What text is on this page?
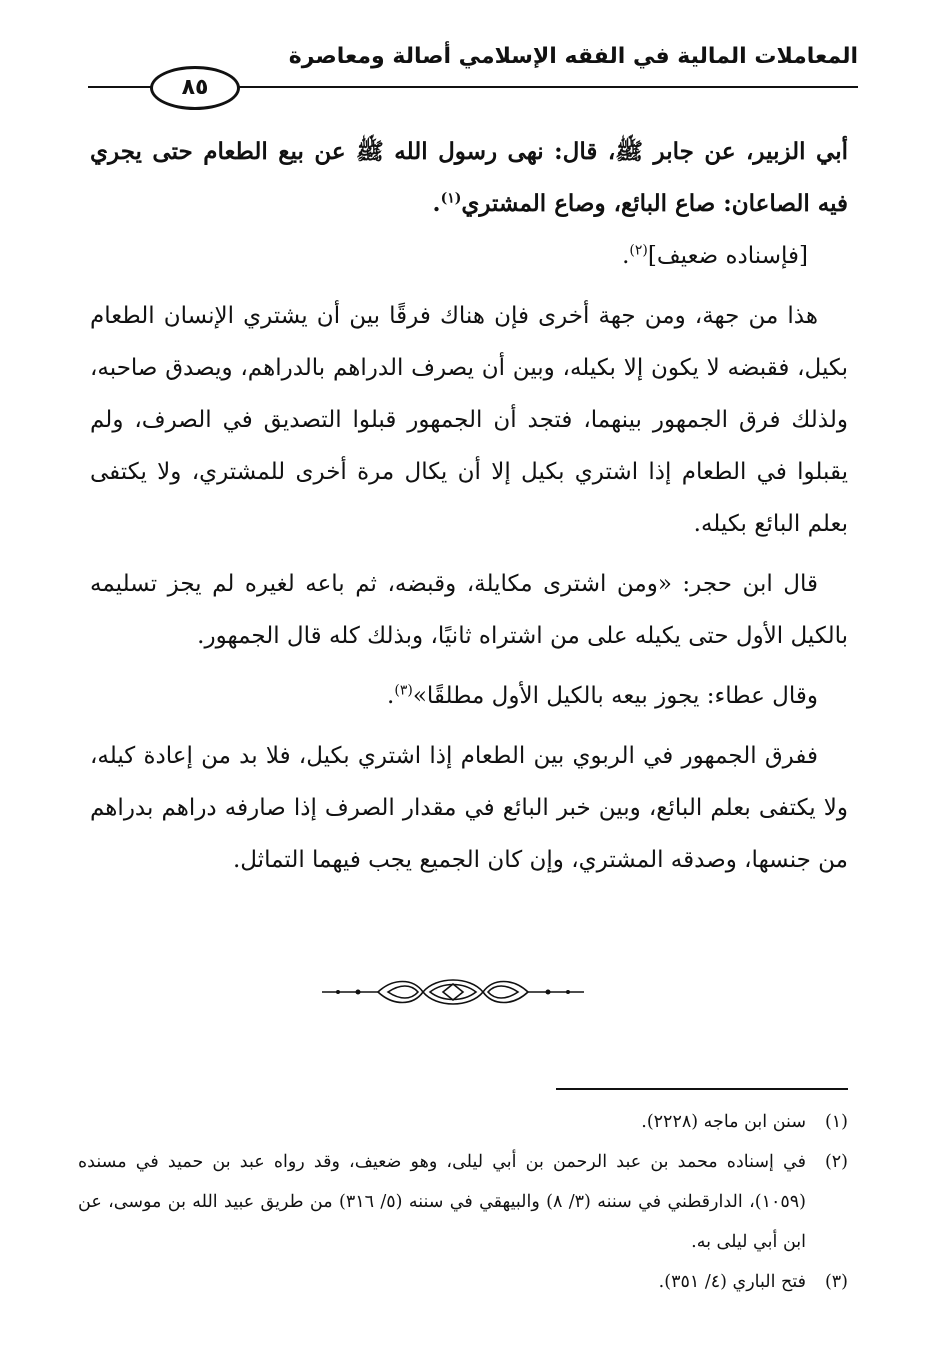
المعاملات المالية في الفقه الإسلامي أصالة ومعاصرة
٨٥

أبي الزبير، عن جابر ﷺ، قال: نهى رسول الله ﷺ عن بيع الطعام حتى يجري فيه الصاعان: صاع البائع، وصاع المشتري$^{(١)}$.

[فإسناده ضعيف]$^{(٢)}$.

هذا من جهة، ومن جهة أخرى فإن هناك فرقًا بين أن يشتري الإنسان الطعام بكيل، فقبضه لا يكون إلا بكيله، وبين أن يصرف الدراهم بالدراهم، ويصدق صاحبه، ولذلك فرق الجمهور بينهما، فتجد أن الجمهور قبلوا التصديق في الصرف، ولم يقبلوا في الطعام إذا اشتري بكيل إلا أن يكال مرة أخرى للمشتري، ولا يكتفى بعلم البائع بكيله.

قال ابن حجر: «ومن اشترى مكايلة، وقبضه، ثم باعه لغيره لم يجز تسليمه بالكيل الأول حتى يكيله على من اشتراه ثانيًا، وبذلك كله قال الجمهور.

وقال عطاء: يجوز بيعه بالكيل الأول مطلقًا»$^{(٣)}$.

ففرق الجمهور في الربوي بين الطعام إذا اشتري بكيل، فلا بد من إعادة كيله، ولا يكتفى بعلم البائع، وبين خبر البائع في مقدار الصرف إذا صارفه دراهم بدراهم من جنسها، وصدقه المشتري، وإن كان الجميع يجب فيهما التماثل.

(١)
سنن ابن ماجه (٢٢٢٨).
(٢)
في إسناده محمد بن عبد الرحمن بن أبي ليلى، وهو ضعيف، وقد رواه عبد بن حميد في مسنده (١٠٥٩)، الدارقطني في سننه (٣/ ٨) والبيهقي في سننه (٥/ ٣١٦) من طريق عبيد الله بن موسى، عن ابن أبي ليلى به.
(٣)
فتح الباري (٤/ ٣٥١).
